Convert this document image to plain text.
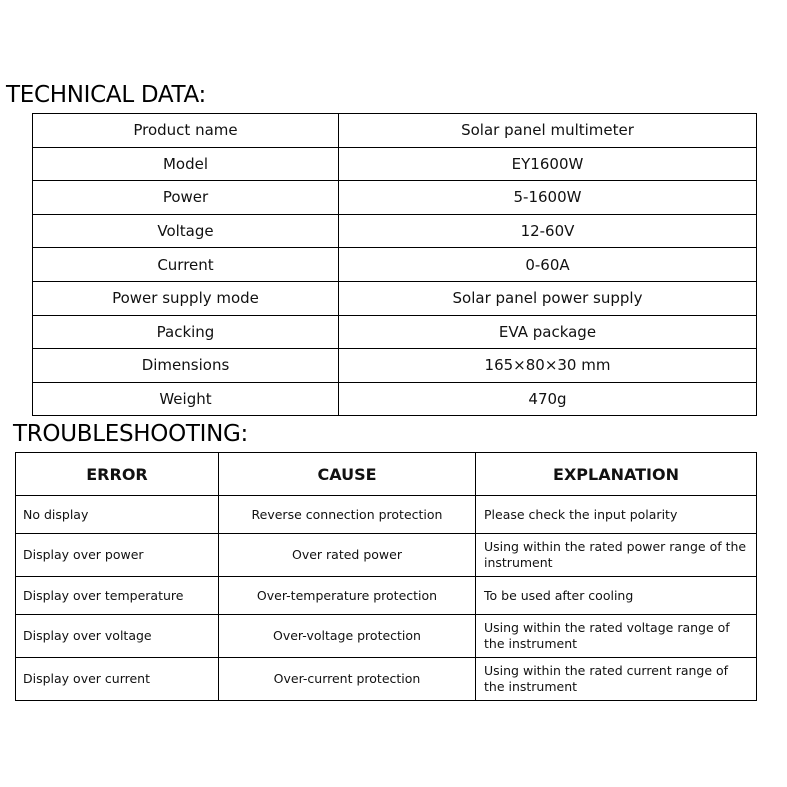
TECHNICAL DATA:
Product name	Solar panel multimeter
Model	EY1600W
Power	5-1600W
Voltage	12-60V
Current	0-60A
Power supply mode	Solar panel power supply
Packing	EVA package
Dimensions	165×80×30 mm
Weight	470g
TROUBLESHOOTING:
ERROR	CAUSE	EXPLANATION
No display	Reverse connection protection	Please check the input polarity
Display over power	Over rated power	Using within the rated power range of the instrument
Display over temperature	Over-temperature protection	To be used after cooling
Display over voltage	Over-voltage protection	Using within the rated voltage range of the instrument
Display over current	Over-current protection	Using within the rated current range of the instrument
